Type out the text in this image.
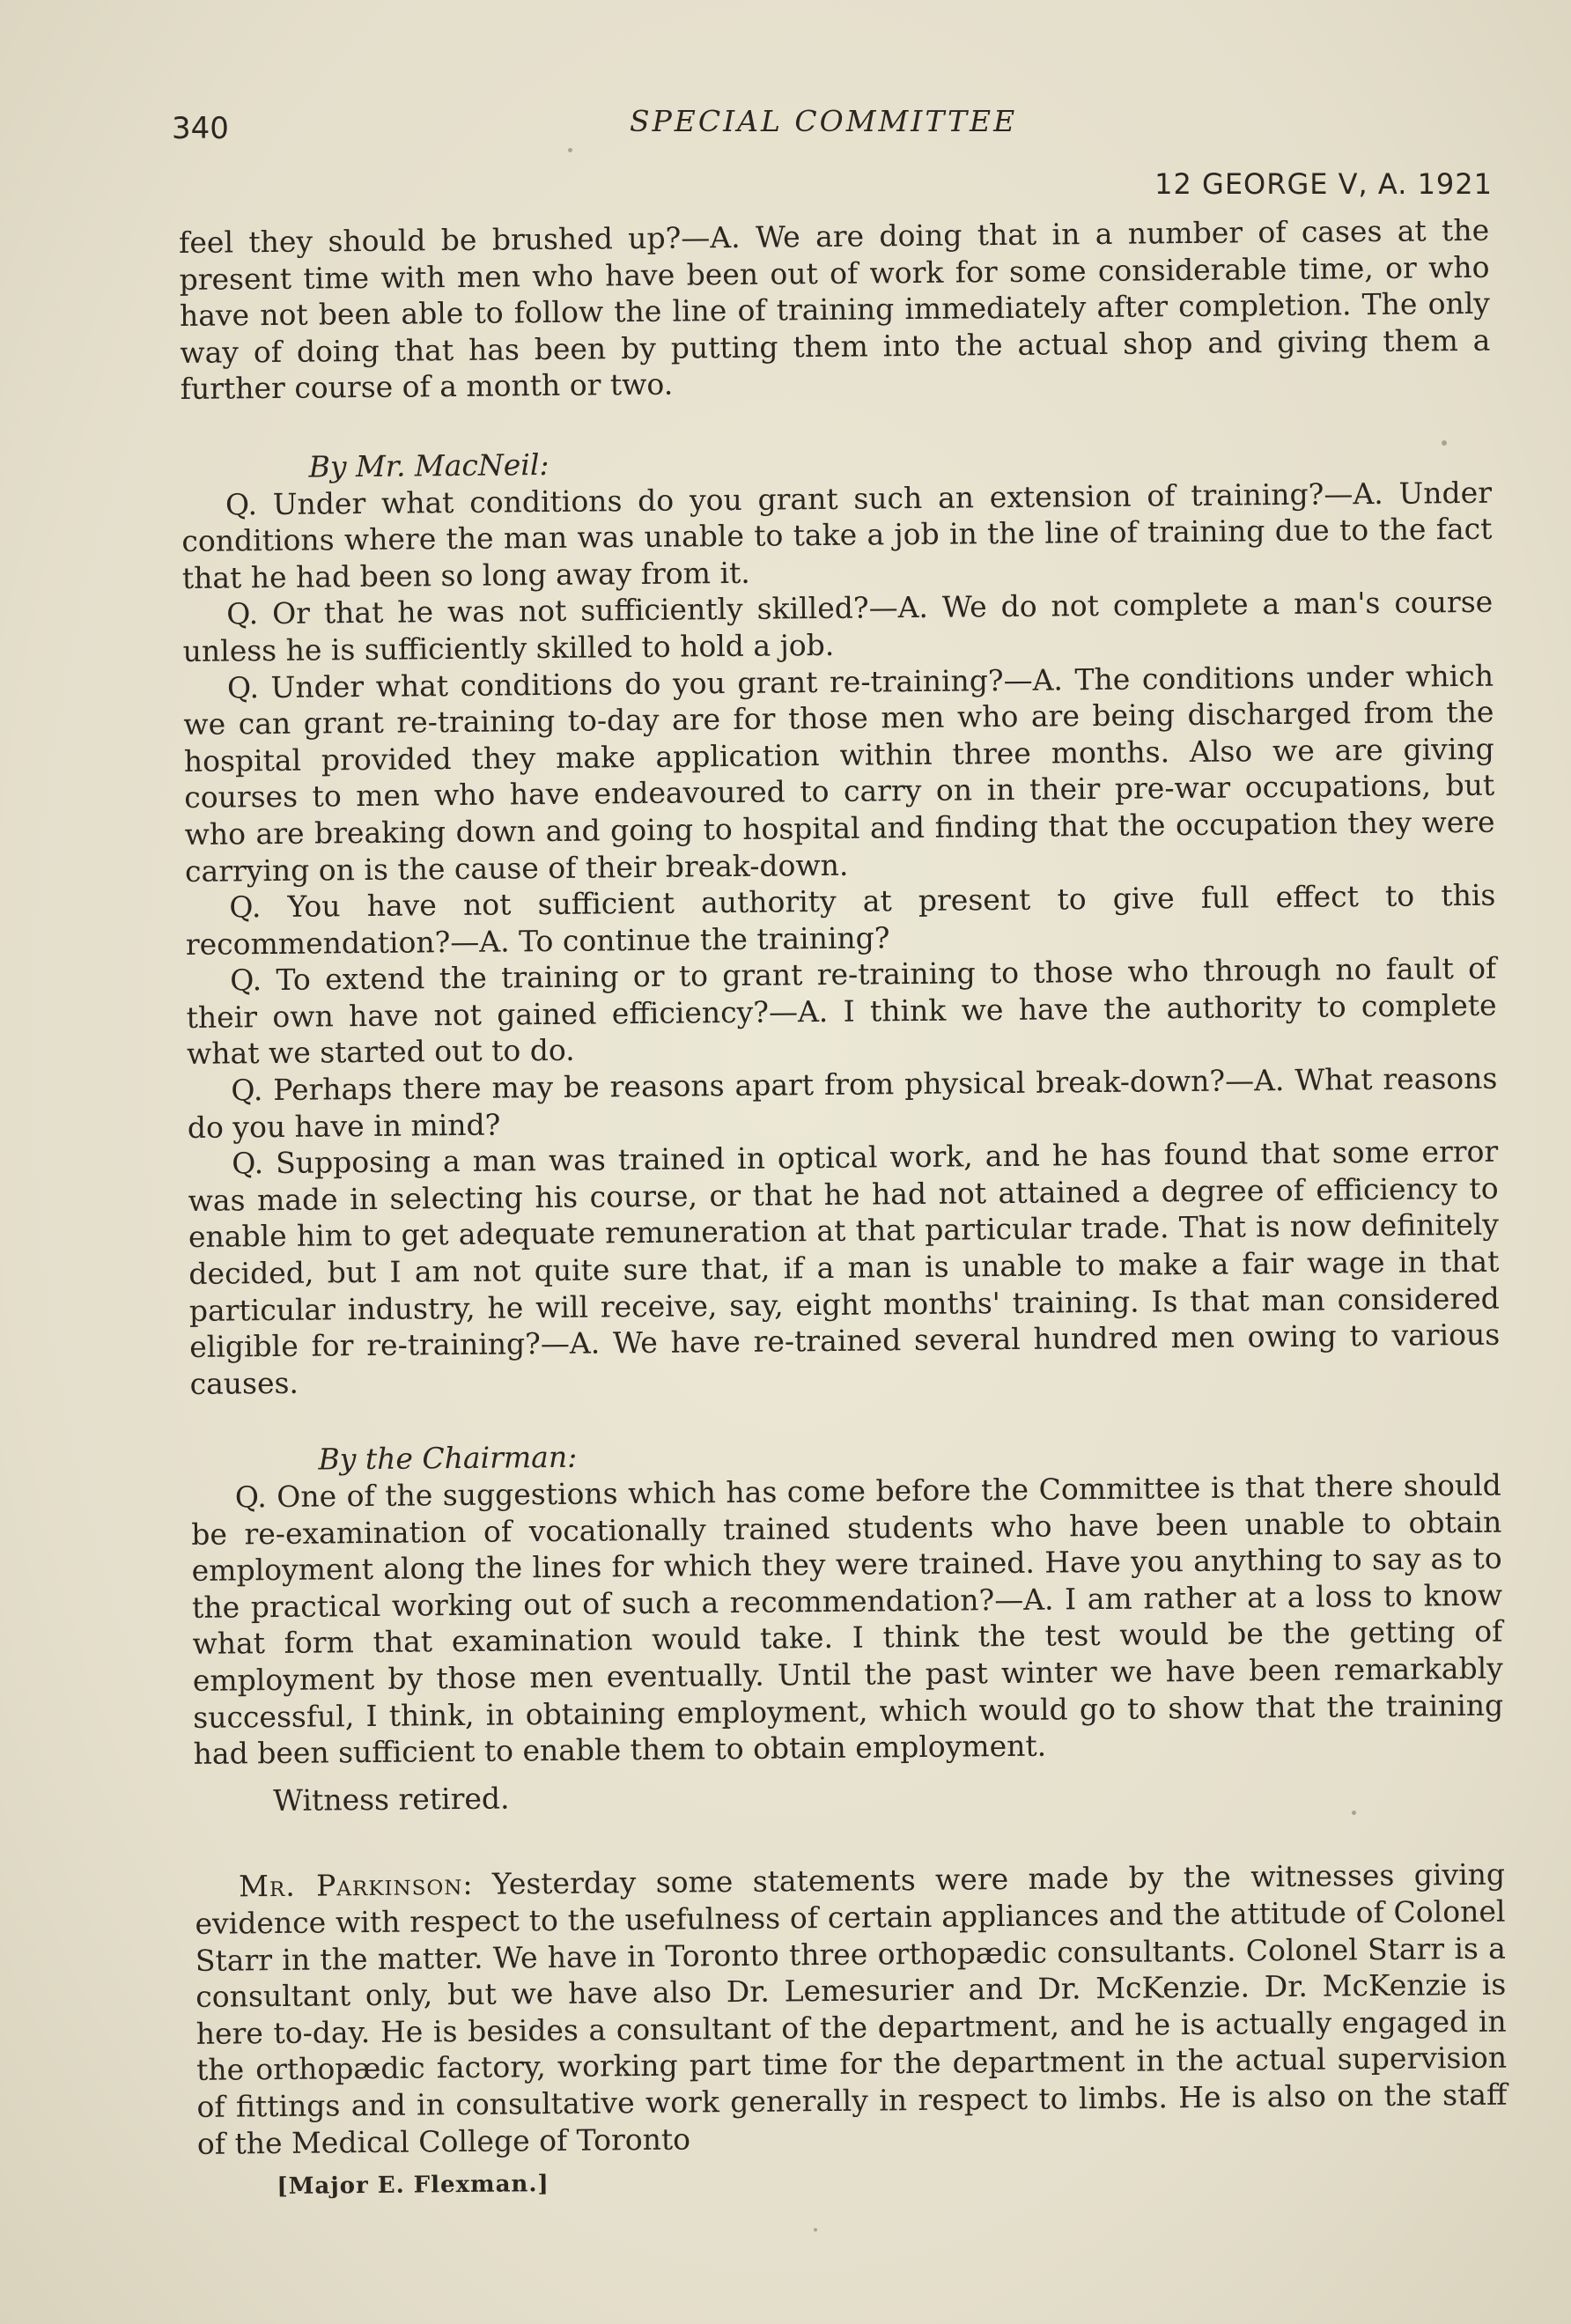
340	SPECIAL COMMITTEE
12 GEORGE V, A. 1921

feel they should be brushed up?—A. We are doing that in a number of cases at the present time with men who have been out of work for some considerable time, or who have not been able to follow the line of training immediately after completion. The only way of doing that has been by putting them into the actual shop and giving them a further course of a month or two.

By Mr. MacNeil:

Q. Under what conditions do you grant such an extension of training?—A. Under conditions where the man was unable to take a job in the line of training due to the fact that he had been so long away from it.

Q. Or that he was not sufficiently skilled?—A. We do not complete a man's course unless he is sufficiently skilled to hold a job.

Q. Under what conditions do you grant re-training?—A. The conditions under which we can grant re-training to-day are for those men who are being discharged from the hospital provided they make application within three months. Also we are giving courses to men who have endeavoured to carry on in their pre-war occupations, but who are breaking down and going to hospital and finding that the occupation they were carrying on is the cause of their break-down.

Q. You have not sufficient authority at present to give full effect to this recommendation?—A. To continue the training?

Q. To extend the training or to grant re-training to those who through no fault of their own have not gained efficiency?—A. I think we have the authority to complete what we started out to do.

Q. Perhaps there may be reasons apart from physical break-down?—A. What reasons do you have in mind?

Q. Supposing a man was trained in optical work, and he has found that some error was made in selecting his course, or that he had not attained a degree of efficiency to enable him to get adequate remuneration at that particular trade. That is now definitely decided, but I am not quite sure that, if a man is unable to make a fair wage in that particular industry, he will receive, say, eight months' training. Is that man considered eligible for re-training?—A. We have re-trained several hundred men owing to various causes.

By the Chairman:

Q. One of the suggestions which has come before the Committee is that there should be re-examination of vocationally trained students who have been unable to obtain employment along the lines for which they were trained. Have you anything to say as to the practical working out of such a recommendation?—A. I am rather at a loss to know what form that examination would take. I think the test would be the getting of employment by those men eventually. Until the past winter we have been remarkably successful, I think, in obtaining employment, which would go to show that the training had been sufficient to enable them to obtain employment.

Witness retired.

Mr. Parkinson: Yesterday some statements were made by the witnesses giving evidence with respect to the usefulness of certain appliances and the attitude of Colonel Starr in the matter. We have in Toronto three orthopædic consultants. Colonel Starr is a consultant only, but we have also Dr. Lemesurier and Dr. McKenzie. Dr. McKenzie is here to-day. He is besides a consultant of the department, and he is actually engaged in the orthopædic factory, working part time for the department in the actual supervision of fittings and in consultative work generally in respect to limbs. He is also on the staff of the Medical College of Toronto

[Major E. Flexman.]
